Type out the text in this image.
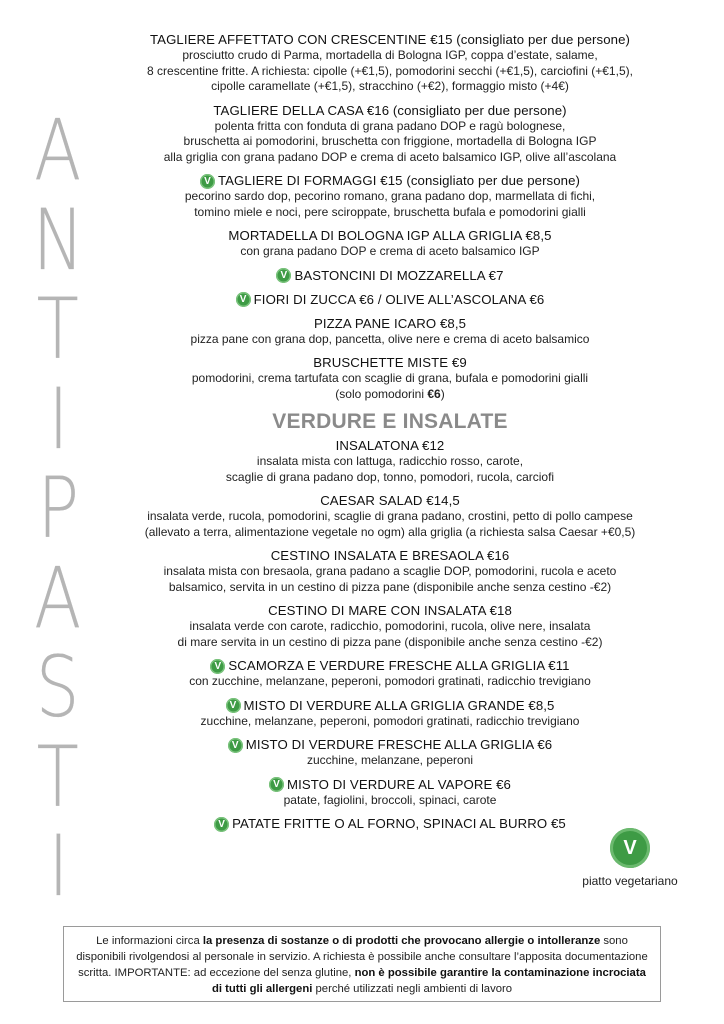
A
N
T
I
P
A
S
T
I
TAGLIERE AFFETTATO CON CRESCENTINE €15 (consigliato per due persone)
prosciutto crudo di Parma, mortadella di Bologna IGP, coppa d’estate, salame,
8 crescentine fritte. A richiesta: cipolle (+€1,5), pomodorini secchi (+€1,5), carciofini (+€1,5),
cipolle caramellate (+€1,5), stracchino (+€2), formaggio misto (+4€)
TAGLIERE DELLA CASA €16 (consigliato per due persone)
polenta fritta con fonduta di grana padano DOP e ragù bolognese,
bruschetta ai pomodorini, bruschetta con friggione, mortadella di Bologna IGP
alla griglia con grana padano DOP e crema di aceto balsamico IGP, olive all’ascolana
V TAGLIERE DI FORMAGGI €15 (consigliato per due persone)
pecorino sardo dop, pecorino romano, grana padano dop, marmellata di fichi,
tomino miele e noci, pere sciroppate, bruschetta bufala e pomodorini gialli
MORTADELLA DI BOLOGNA IGP ALLA GRIGLIA €8,5
con grana padano DOP e crema di aceto balsamico IGP
V BASTONCINI DI MOZZARELLA €7
V FIORI DI ZUCCA €6 / OLIVE ALL’ASCOLANA €6
PIZZA PANE ICARO €8,5
pizza pane con grana dop, pancetta, olive nere e crema di aceto balsamico
BRUSCHETTE MISTE €9
pomodorini, crema tartufata con scaglie di grana, bufala e pomodorini gialli
(solo pomodorini €6)
VERDURE E INSALATE
INSALATONA €12
insalata mista con lattuga, radicchio rosso, carote,
scaglie di grana padano dop, tonno, pomodori, rucola, carciofi
CAESAR SALAD €14,5
insalata verde, rucola, pomodorini, scaglie di grana padano, crostini, petto di pollo campese
(allevato a terra, alimentazione vegetale no ogm) alla griglia (a richiesta salsa Caesar +€0,5)
CESTINO INSALATA E BRESAOLA €16
insalata mista con bresaola, grana padano a scaglie DOP, pomodorini, rucola e aceto
balsamico, servita in un cestino di pizza pane (disponibile anche senza cestino -€2)
CESTINO DI MARE CON INSALATA €18
insalata verde con carote, radicchio, pomodorini, rucola, olive nere, insalata
di mare servita in un cestino di pizza pane (disponibile anche senza cestino -€2)
V SCAMORZA E VERDURE FRESCHE ALLA GRIGLIA €11
con zucchine, melanzane, peperoni, pomodori gratinati, radicchio trevigiano
V MISTO DI VERDURE ALLA GRIGLIA GRANDE €8,5
zucchine, melanzane, peperoni, pomodori gratinati, radicchio trevigiano
V MISTO DI VERDURE FRESCHE ALLA GRIGLIA €6
zucchine, melanzane, peperoni
V MISTO DI VERDURE AL VAPORE €6
patate, fagiolini, broccoli, spinaci, carote
V PATATE FRITTE O AL FORNO, SPINACI AL BURRO €5
V
piatto vegetariano
Le informazioni circa la presenza di sostanze o di prodotti che provocano allergie o intolleranze sono disponibili rivolgendosi al personale in servizio. A richiesta è possibile anche consultare l’apposita documentazione scritta. IMPORTANTE: ad eccezione del senza glutine, non è possibile garantire la contaminazione incrociata di tutti gli allergeni perché utilizzati negli ambienti di lavoro
